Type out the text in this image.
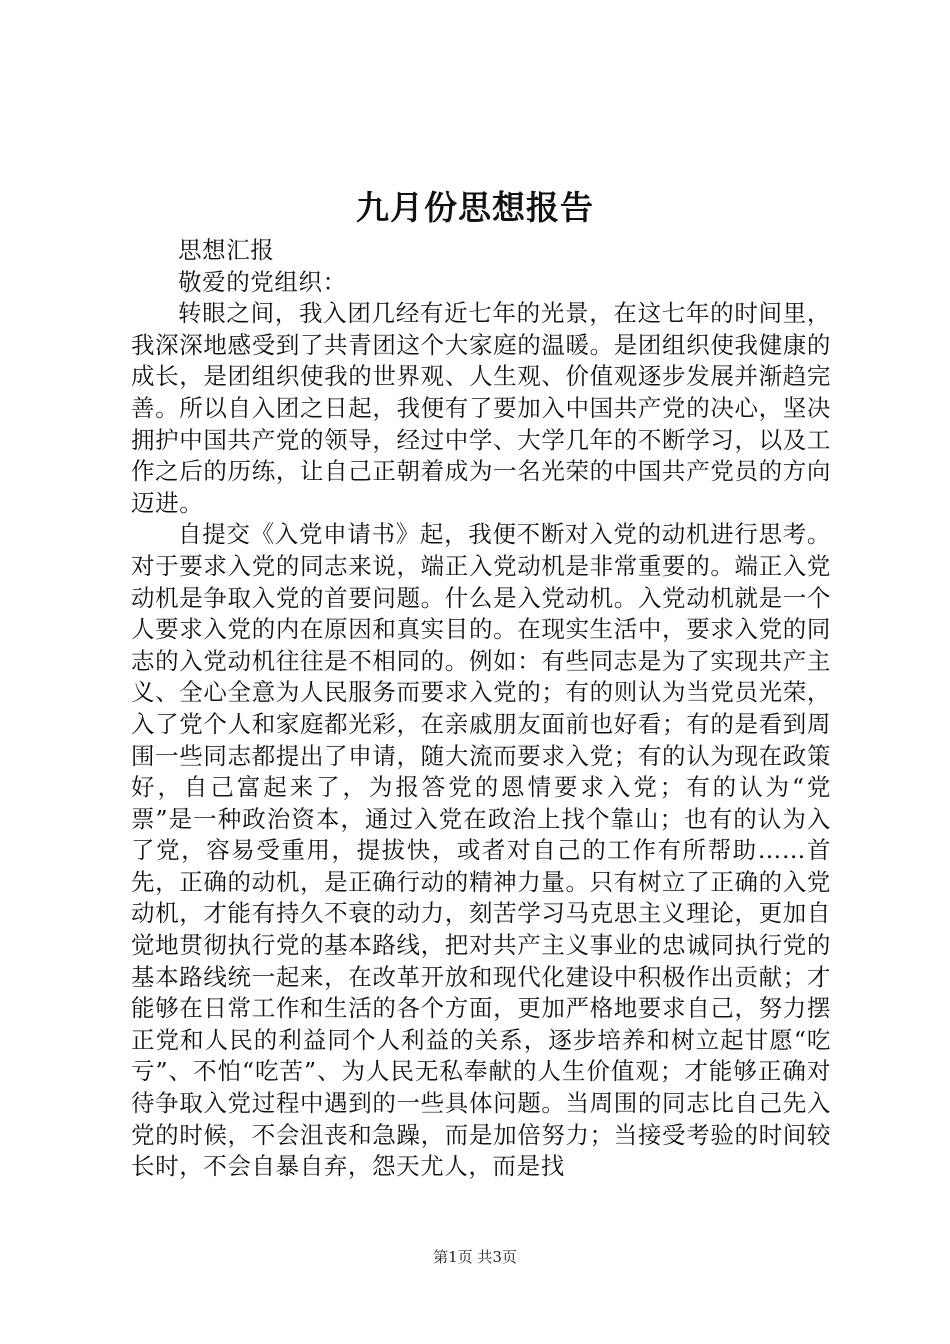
九月份思想报告

思想汇报

敬爱的党组织：

转眼之间，我入团几经有近七年的光景，在这七年的时间里，我深深地感受到了共青团这个大家庭的温暖。是团组织使我健康的成长，是团组织使我的世界观、人生观、价值观逐步发展并渐趋完善。所以自入团之日起，我便有了要加入中国共产党的决心，坚决拥护中国共产党的领导，经过中学、大学几年的不断学习，以及工作之后的历练，让自己正朝着成为一名光荣的中国共产党员的方向迈进。

自提交《入党申请书》起，我便不断对入党的动机进行思考。对于要求入党的同志来说，端正入党动机是非常重要的。端正入党动机是争取入党的首要问题。什么是入党动机。入党动机就是一个人要求入党的内在原因和真实目的。在现实生活中，要求入党的同志的入党动机往往是不相同的。例如：有些同志是为了实现共产主义、全心全意为人民服务而要求入党的；有的则认为当党员光荣，入了党个人和家庭都光彩，在亲戚朋友面前也好看；有的是看到周围一些同志都提出了申请，随大流而要求入党；有的认为现在政策好，自己富起来了，为报答党的恩情要求入党；有的认为“党票”是一种政治资本，通过入党在政治上找个靠山；也有的认为入了党，容易受重用，提拔快，或者对自己的工作有所帮助……首先，正确的动机，是正确行动的精神力量。只有树立了正确的入党动机，才能有持久不衰的动力，刻苦学习马克思主义理论，更加自觉地贯彻执行党的基本路线，把对共产主义事业的忠诚同执行党的基本路线统一起来，在改革开放和现代化建设中积极作出贡献；才能够在日常工作和生活的各个方面，更加严格地要求自己，努力摆正党和人民的利益同个人利益的关系，逐步培养和树立起甘愿“吃亏”、不怕“吃苦”、为人民无私奉献的人生价值观；才能够正确对待争取入党过程中遇到的一些具体问题。当周围的同志比自己先入党的时候，不会沮丧和急躁，而是加倍努力；当接受考验的时间较长时，不会自暴自弃，怨天尤人，而是找

第1页 共3页
